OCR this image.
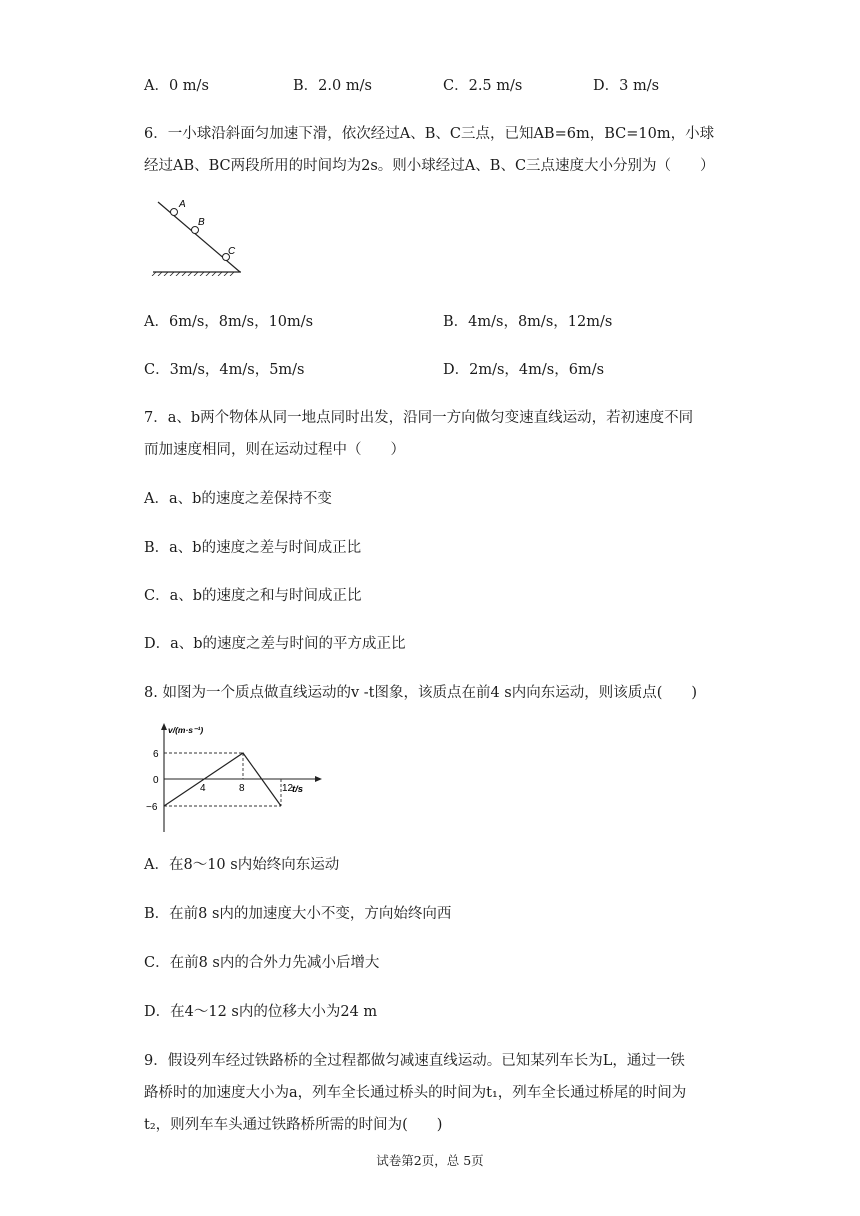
A．0 m/s	B．2.0 m/s	C．2.5 m/s	D．3 m/s
6．一小球沿斜面匀加速下滑，依次经过A、B、C三点，已知AB=6m，BC=10m，小球
经过AB、BC两段所用的时间均为2s。则小球经过A、B、C三点速度大小分别为（　　）
A
B
C
A．6m/s，8m/s，10m/s	B．4m/s，8m/s，12m/s
C．3m/s，4m/s，5m/s	D．2m/s，4m/s，6m/s
7．a、b两个物体从同一地点同时出发，沿同一方向做匀变速直线运动，若初速度不同
而加速度相同，则在运动过程中（　　）
A．a、b的速度之差保持不变
B．a、b的速度之差与时间成正比
C．a、b的速度之和与时间成正比
D．a、b的速度之差与时间的平方成正比
8. 如图为一个质点做直线运动的v -t图象，该质点在前4 s内向东运动，则该质点(　　)
v/(m·s⁻¹)
t/s
6
0
−6
4	8	12
A．在8～10 s内始终向东运动
B．在前8 s内的加速度大小不变，方向始终向西
C．在前8 s内的合外力先减小后增大
D．在4～12 s内的位移大小为24 m
9．假设列车经过铁路桥的全过程都做匀减速直线运动。已知某列车长为L，通过一铁
路桥时的加速度大小为a，列车全长通过桥头的时间为t₁，列车全长通过桥尾的时间为
t₂，则列车车头通过铁路桥所需的时间为(　　)
试卷第2页，总 5页
